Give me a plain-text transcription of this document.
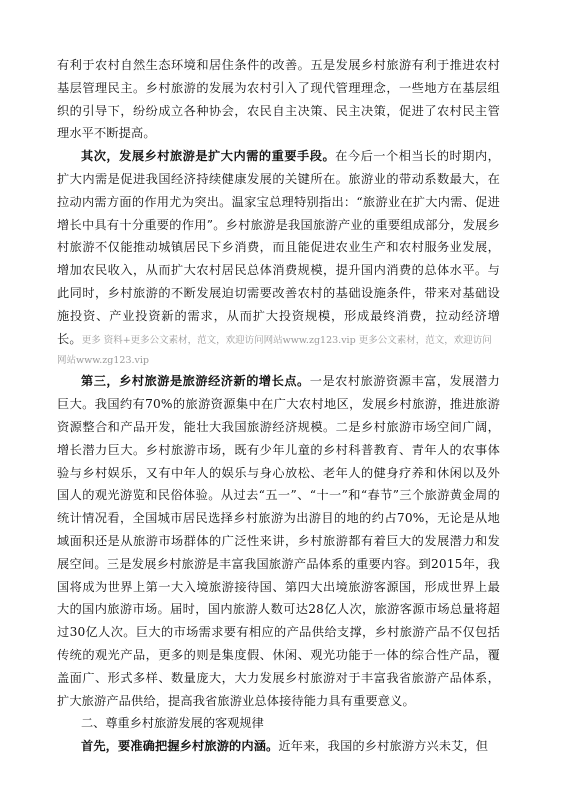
有利于农村自然生态环境和居住条件的改善。五是发展乡村旅游有利于推进农村基层管理民主。乡村旅游的发展为农村引入了现代管理理念，一些地方在基层组织的引导下，纷纷成立各种协会，农民自主决策、民主决策，促进了农村民主管理水平不断提高。

其次，发展乡村旅游是扩大内需的重要手段。在今后一个相当长的时期内，扩大内需是促进我国经济持续健康发展的关键所在。旅游业的带动系数最大，在拉动内需方面的作用尤为突出。温家宝总理特别指出：“旅游业在扩大内需、促进增长中具有十分重要的作用”。乡村旅游是我国旅游产业的重要组成部分，发展乡村旅游不仅能推动城镇居民下乡消费，而且能促进农业生产和农村服务业发展，增加农民收入，从而扩大农村居民总体消费规模，提升国内消费的总体水平。与此同时，乡村旅游的不断发展迫切需要改善农村的基础设施条件，带来对基础设施投资、产业投资新的需求，从而扩大投资规模，形成最终消费，拉动经济增长。更多 资料+更多公文素材，范文，欢迎访问网站www.zg123.vip 更多公文素材，范文，欢迎访问

网站www.zg123.vip

第三，乡村旅游是旅游经济新的增长点。一是农村旅游资源丰富，发展潜力巨大。我国约有70%的旅游资源集中在广大农村地区，发展乡村旅游，推进旅游资源整合和产品开发，能壮大我国旅游经济规模。二是乡村旅游市场空间广阔，增长潜力巨大。乡村旅游市场，既有少年儿童的乡村科普教育、青年人的农事体验与乡村娱乐，又有中年人的娱乐与身心放松、老年人的健身疗养和休闲以及外国人的观光游览和民俗体验。从过去“五一”、“十一”和“春节”三个旅游黄金周的统计情况看，全国城市居民选择乡村旅游为出游目的地的约占70%，无论是从地域面积还是从旅游市场群体的广泛性来讲，乡村旅游都有着巨大的发展潜力和发展空间。三是发展乡村旅游是丰富我国旅游产品体系的重要内容。到2015年，我国将成为世界上第一大入境旅游接待国、第四大出境旅游客源国，形成世界上最大的国内旅游市场。届时，国内旅游人数可达28亿人次，旅游客源市场总量将超过30亿人次。巨大的市场需求要有相应的产品供给支撑，乡村旅游产品不仅包括传统的观光产品，更多的则是集度假、休闲、观光功能于一体的综合性产品，覆盖面广、形式多样、数量庞大，大力发展乡村旅游对于丰富我省旅游产品体系，扩大旅游产品供给，提高我省旅游业总体接待能力具有重要意义。

二、尊重乡村旅游发展的客观规律

首先，要准确把握乡村旅游的内涵。近年来，我国的乡村旅游方兴未艾，但
